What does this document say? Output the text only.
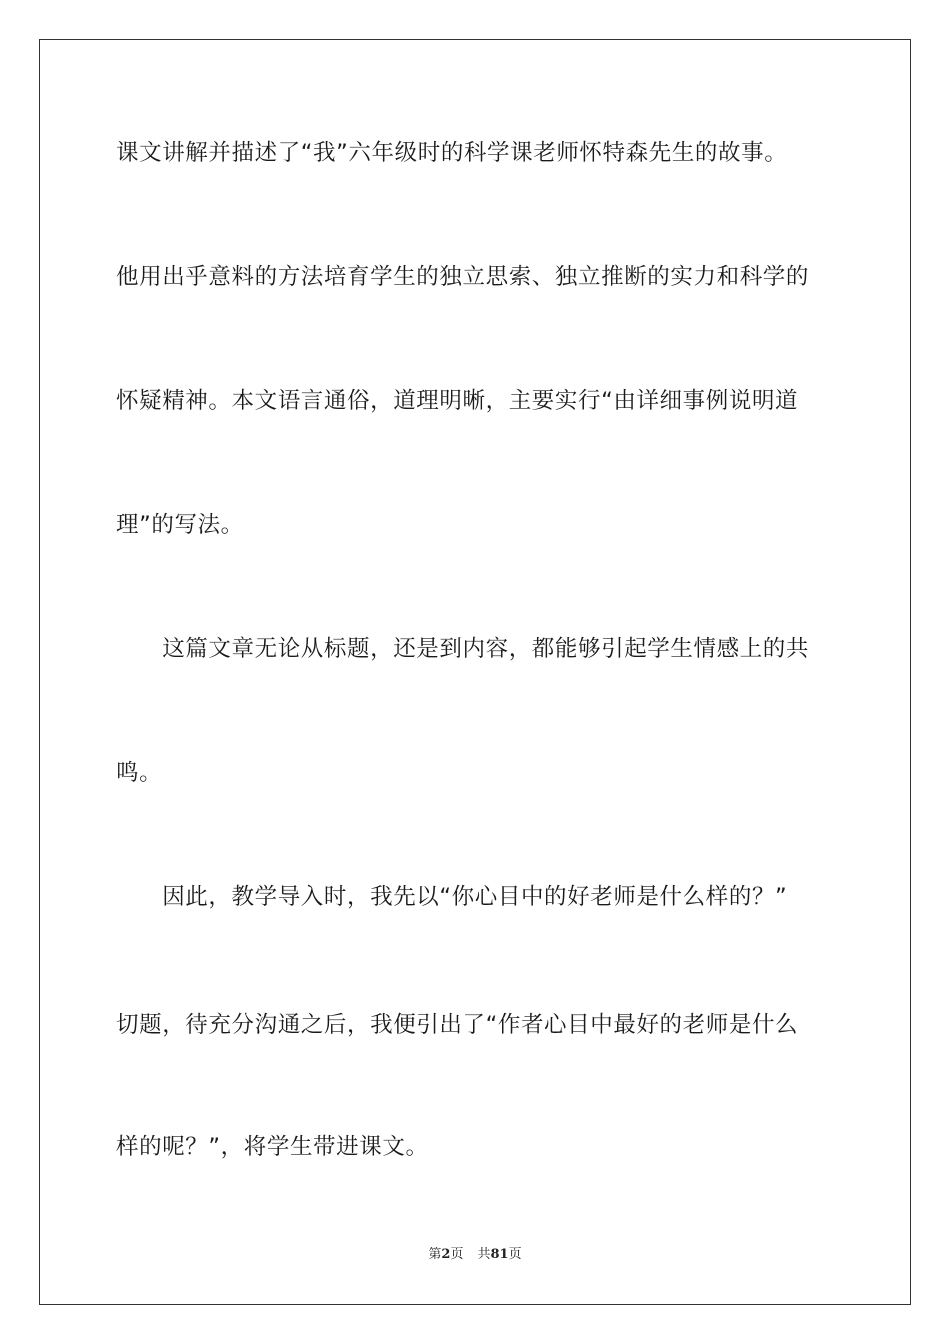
课文讲解并描述了“我”六年级时的科学课老师怀特森先生的故事。
他用出乎意料的方法培育学生的独立思索、独立推断的实力和科学的
怀疑精神。本文语言通俗，道理明晰，主要实行“由详细事例说明道
理”的写法。
　　这篇文章无论从标题，还是到内容，都能够引起学生情感上的共
鸣。
　　因此，教学导入时，我先以“你心目中的好老师是什么样的？”
切题，待充分沟通之后，我便引出了“作者心目中最好的老师是什么
样的呢？”，将学生带进课文。
第2页 共81页
